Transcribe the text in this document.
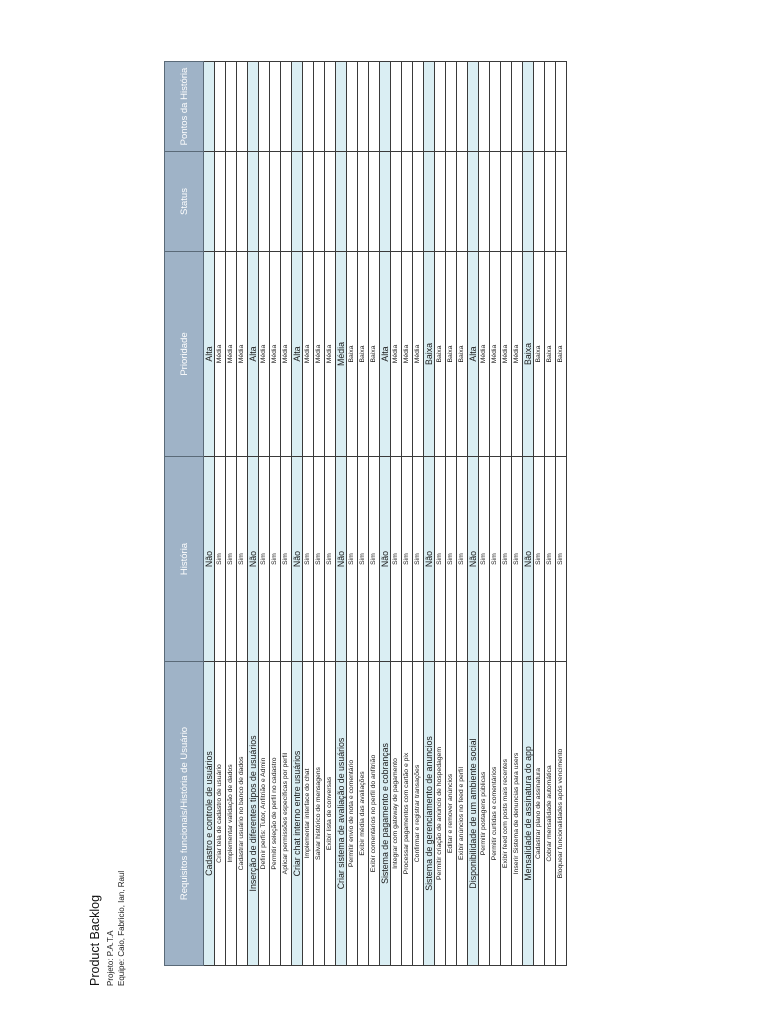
Product Backlog Projeto: P.A.T.A Equipe: Caio, Fabricio, Ian, Raul
Requisitos funcionais/História de Usuário	História	Prioridade	Status	Pontos da História
Cadastro e controle de usuários	Não	Alta		
Criar tela de cadastro de usuário	Sim	Média		
Implementar validação de dados	Sim	Média		
Cadastrar usuário no banco de dados	Sim	Média		
Inserção de diferentes tipos de usuários	Não	Alta		
Definir perfis: Tutor, Anfitrião e Admin	Sim	Média		
Permitir seleção de perfil no cadastro	Sim	Média		
Aplicar permissões específicas por perfil	Sim	Média		
Criar chat interno entre usuários	Não	Alta		
Implementar interface do chat	Sim	Média		
Salvar histórico de mensagens	Sim	Média		
Exibir lista de conversas	Sim	Média		
Criar sistema de avaliação de usuários	Não	Média		
Permitir envio de nota e comentário	Sim	Baixa		
Exibir média das avaliações	Sim	Baixa		
Exibir comentários no perfil do anfitrião	Sim	Baixa		
Sistema de pagamento e cobranças	Não	Alta		
Integrar com gateway de pagamento	Sim	Média		
Processar pagamentos com cartão e pix	Sim	Média		
Confirmar e registrar transações	Sim	Média		
Sistema de gerenciamento de anuncios	Não	Baixa		
Permitir criação de anúncio de hospedagem	Sim	Baixa		
Editar e remover anúncios	Sim	Baixa		
Exibir anúncios no feed e perfil	Sim	Baixa		
Disponibilidade de um ambiente social	Não	Alta		
Permitir postagens públicas	Sim	Média		
Permitir curtidas e comentários	Sim	Média		
Exibir feed com posts mais recentes	Sim	Média		
Inserir Sistema de denuncias para users	Sim	Média		
Mensalidade de assinatura do app	Não	Baixa		
Cadastrar plano de assinatura	Sim	Baixa		
Cobrar mensalidade automática	Sim	Baixa		
Bloquear funcionalidades após vencimento	Sim	Baixa		
